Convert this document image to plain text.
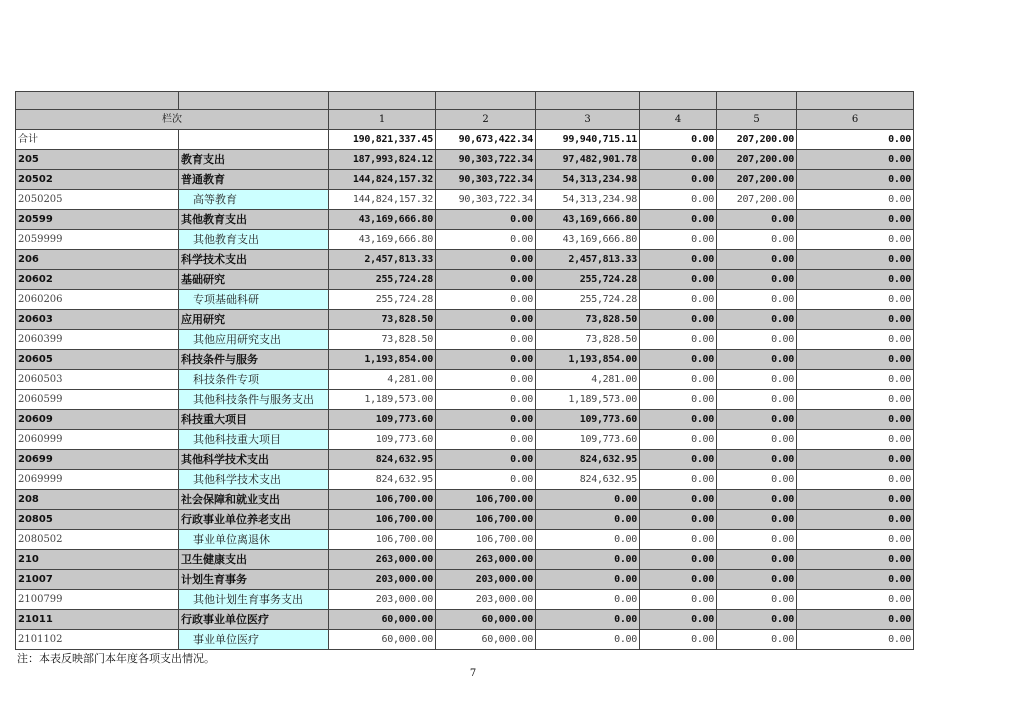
栏次		1	2	3	4	5	6
合计		190,821,337.45	90,673,422.34	99,940,715.11	0.00	207,200.00	0.00
205	教育支出	187,993,824.12	90,303,722.34	97,482,901.78	0.00	207,200.00	0.00
20502	普通教育	144,824,157.32	90,303,722.34	54,313,234.98	0.00	207,200.00	0.00
2050205	高等教育	144,824,157.32	90,303,722.34	54,313,234.98	0.00	207,200.00	0.00
20599	其他教育支出	43,169,666.80	0.00	43,169,666.80	0.00	0.00	0.00
2059999	其他教育支出	43,169,666.80	0.00	43,169,666.80	0.00	0.00	0.00
206	科学技术支出	2,457,813.33	0.00	2,457,813.33	0.00	0.00	0.00
20602	基础研究	255,724.28	0.00	255,724.28	0.00	0.00	0.00
2060206	专项基础科研	255,724.28	0.00	255,724.28	0.00	0.00	0.00
20603	应用研究	73,828.50	0.00	73,828.50	0.00	0.00	0.00
2060399	其他应用研究支出	73,828.50	0.00	73,828.50	0.00	0.00	0.00
20605	科技条件与服务	1,193,854.00	0.00	1,193,854.00	0.00	0.00	0.00
2060503	科技条件专项	4,281.00	0.00	4,281.00	0.00	0.00	0.00
2060599	其他科技条件与服务支出	1,189,573.00	0.00	1,189,573.00	0.00	0.00	0.00
20609	科技重大项目	109,773.60	0.00	109,773.60	0.00	0.00	0.00
2060999	其他科技重大项目	109,773.60	0.00	109,773.60	0.00	0.00	0.00
20699	其他科学技术支出	824,632.95	0.00	824,632.95	0.00	0.00	0.00
2069999	其他科学技术支出	824,632.95	0.00	824,632.95	0.00	0.00	0.00
208	社会保障和就业支出	106,700.00	106,700.00	0.00	0.00	0.00	0.00
20805	行政事业单位养老支出	106,700.00	106,700.00	0.00	0.00	0.00	0.00
2080502	事业单位离退休	106,700.00	106,700.00	0.00	0.00	0.00	0.00
210	卫生健康支出	263,000.00	263,000.00	0.00	0.00	0.00	0.00
21007	计划生育事务	203,000.00	203,000.00	0.00	0.00	0.00	0.00
2100799	其他计划生育事务支出	203,000.00	203,000.00	0.00	0.00	0.00	0.00
21011	行政事业单位医疗	60,000.00	60,000.00	0.00	0.00	0.00	0.00
2101102	事业单位医疗	60,000.00	60,000.00	0.00	0.00	0.00	0.00
注：本表反映部门本年度各项支出情况。
7
